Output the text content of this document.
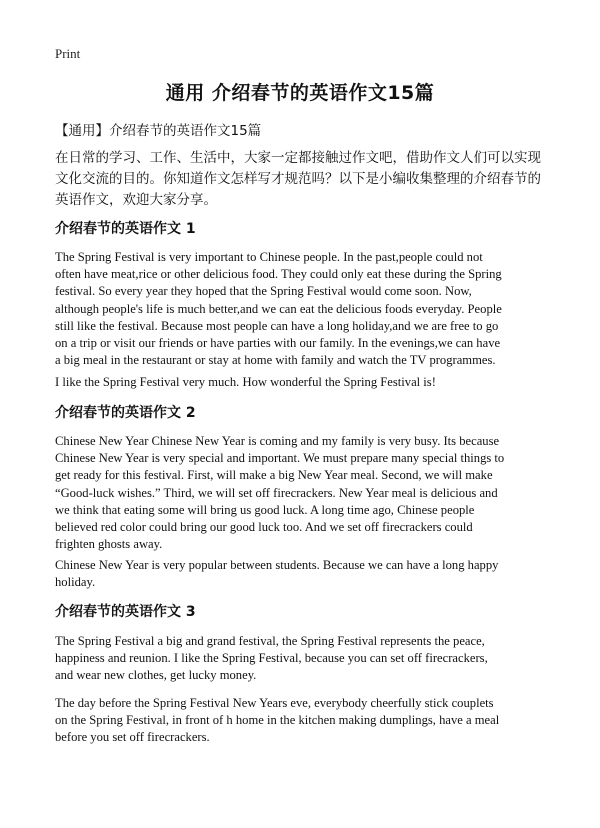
Print
通用 介绍春节的英语作文15篇
【通用】介绍春节的英语作文15篇
在日常的学习、工作、生活中，大家一定都接触过作文吧，借助作文人们可以实现文化交流的目的。你知道作文怎样写才规范吗？以下是小编收集整理的介绍春节的英语作文，欢迎大家分享。
介绍春节的英语作文 1
The Spring Festival is very important to Chinese people. In the past,people could not
often have meat,rice or other delicious food. They could only eat these during the Spring
festival. So every year they hoped that the Spring Festival would come soon. Now,
although people's life is much better,and we can eat the delicious foods everyday. People
still like the festival. Because most people can have a long holiday,and we are free to go
on a trip or visit our friends or have parties with our family. In the evenings,we can have
a big meal in the restaurant or stay at home with family and watch the TV programmes.
I like the Spring Festival very much. How wonderful the Spring Festival is!
介绍春节的英语作文 2
Chinese New Year Chinese New Year is coming and my family is very busy. Its because
Chinese New Year is very special and important. We must prepare many special things to
get ready for this festival. First, will make a big New Year meal. Second, we will make
“Good-luck wishes.” Third, we will set off firecrackers. New Year meal is delicious and
we think that eating some will bring us good luck. A long time ago, Chinese people
believed red color could bring our good luck too. And we set off firecrackers could
frighten ghosts away.
Chinese New Year is very popular between students. Because we can have a long happy
holiday.
介绍春节的英语作文 3
The Spring Festival a big and grand festival, the Spring Festival represents the peace,
happiness and reunion. I like the Spring Festival, because you can set off firecrackers,
and wear new clothes, get lucky money.
The day before the Spring Festival New Years eve, everybody cheerfully stick couplets
on the Spring Festival, in front of h home in the kitchen making dumplings, have a meal
before you set off firecrackers.
